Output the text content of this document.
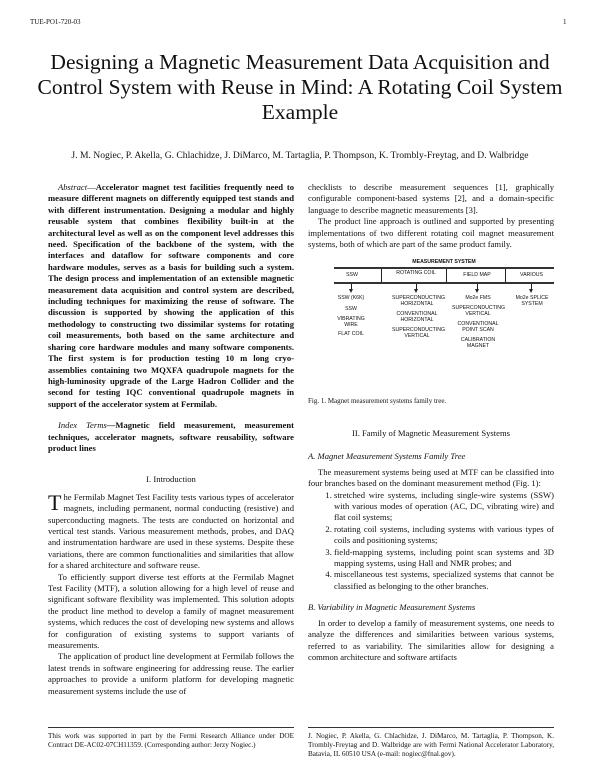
TUE-PO1-720-03	1
Designing a Magnetic Measurement Data Acquisition and Control System with Reuse in Mind: A Rotating Coil System Example
J. M. Nogiec, P. Akella, G. Chlachidze, J. DiMarco, M. Tartaglia, P. Thompson, K. Trombly-Freytag, and D. Walbridge

Abstract—Accelerator magnet test facilities frequently need to measure different magnets on differently equipped test stands and with different instrumentation. Designing a modular and highly reusable system that combines flexibility built-in at the architectural level as well as on the component level addresses this need. Specification of the backbone of the system, with the interfaces and dataflow for software components and core hardware modules, serves as a basis for building such a system. The design process and implementation of an extensible magnetic measurement data acquisition and control system are described, including techniques for maximizing the reuse of software. The discussion is supported by showing the application of this methodology to constructing two dissimilar systems for rotating coil measurements, both based on the same architecture and sharing core hardware modules and many software components. The first system is for production testing 10 m long cryo-assemblies containing two MQXFA quadrupole magnets for the high-luminosity upgrade of the Large Hadron Collider and the second for testing IQC conventional quadrupole magnets in support of the accelerator system at Fermilab.

Index Terms—Magnetic field measurement, measurement techniques, accelerator magnets, software reusability, software product lines

I. Introduction

The Fermilab Magnet Test Facility tests various types of accelerator magnets, including permanent, normal conducting (resistive) and superconducting magnets. The tests are conducted on horizontal and vertical test stands. Various measurement methods, probes, and DAQ and instrumentation hardware are used in these systems. Despite these variations, there are common functionalities and similarities that allow for a shared architecture and software reuse.

To efficiently support diverse test efforts at the Fermilab Magnet Test Facility (MTF), a solution allowing for a high level of reuse and significant software flexibility was implemented. This solution adopts the product line method to develop a family of magnet measurement systems, which reduces the cost of developing new systems and allows for configuration of existing systems to support variants of measurements.

The application of product line development at Fermilab follows the latest trends in software engineering for addressing reuse. The earlier approaches to provide a uniform platform for developing magnetic measurement systems include the use of

This work was supported in part by the Fermi Research Alliance under DOE Contract DE-AC02-07CH11359. (Corresponding author: Jerzy Nogiec.)

checklists to describe measurement sequences [1], graphically configurable component-based systems [2], and a domain-specific language to describe magnetic measurements [3].

The product line approach is outlined and supported by presenting implementations of two different rotating coil magnet measurement systems, both of which are part of the same product family.

MEASUREMENT SYSTEM
SSW	ROTATING COIL	FIELD MAP	VARIOUS
SSW (K6K)
SSW
VIBRATING WIRE
FLAT COIL
SUPERCONDUCTING HORIZONTAL
CONVENTIONAL HORIZONTAL
SUPERCONDUCTING VERTICAL
Mo2e FMS
SUPERCONDUCTING VERTICAL
CONVENTIONAL POINT SCAN
CALIBRATION MAGNET
Mo2e SPLICE SYSTEM
Fig. 1. Magnet measurement systems family tree.

II. Family of Magnetic Measurement Systems

A. Magnet Measurement Systems Family Tree

The measurement systems being used at MTF can be classified into four branches based on the dominant measurement method (Fig. 1):

1. stretched wire systems, including single-wire systems (SSW) with various modes of operation (AC, DC, vibrating wire) and flat coil systems;
2. rotating coil systems, including systems with various types of coils and positioning systems;
3. field-mapping systems, including point scan systems and 3D mapping systems, using Hall and NMR probes; and
4. miscellaneous test systems, specialized systems that cannot be classified as belonging to the other branches.

B. Variability in Magnetic Measurement Systems

In order to develop a family of measurement systems, one needs to analyze the differences and similarities between various systems, referred to as variability. The similarities allow for designing a common architecture and software artifacts

J. Nogiec, P. Akella, G. Chlachidze, J. DiMarco, M. Tartaglia, P. Thompson, K. Trombly-Freytag and D. Walbridge are with Fermi National Accelerator Laboratory, Batavia, IL 60510 USA (e-mail: nogiec@fnal.gov).
